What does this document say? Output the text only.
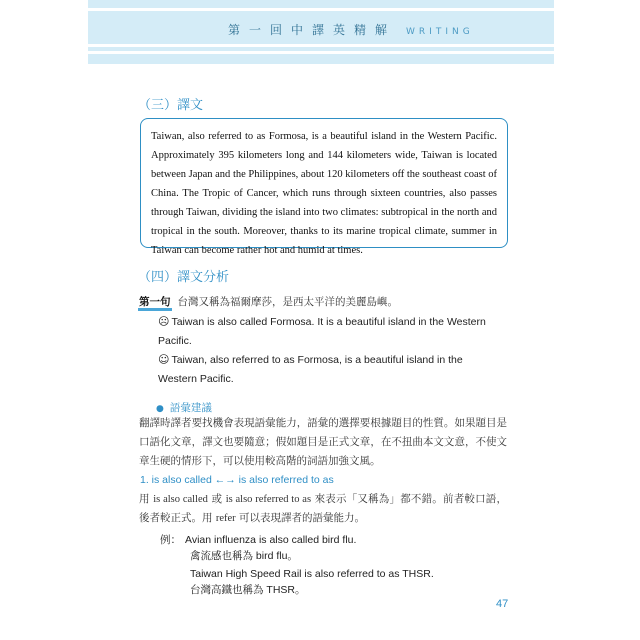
第一回中譯英精解 WRITING
（三）譯文
Taiwan, also referred to as Formosa, is a beautiful island in the Western Pacific. Approximately 395 kilometers long and 144 kilometers wide, Taiwan is located between Japan and the Philippines, about 120 kilometers off the southeast coast of China. The Tropic of Cancer, which runs through sixteen countries, also passes through Taiwan, dividing the island into two climates: subtropical in the north and tropical in the south. Moreover, thanks to its marine tropical climate, summer in Taiwan can become rather hot and humid at times.
（四）譯文分析
第一句 台灣又稱為福爾摩莎，是西太平洋的美麗島嶼。
☹ Taiwan is also called Formosa. It is a beautiful island in the Western Pacific.
☺ Taiwan, also referred to as Formosa, is a beautiful island in the Western Pacific.
● 語彙建議
翻譯時譯者要找機會表現語彙能力，語彙的選擇要根據題目的性質。如果題目是口語化文章，譯文也要隨意；假如題目是正式文章，在不扭曲本文文意，不使文章生硬的情形下，可以使用較高階的詞語加強文風。
1. is also called ←→ is also referred to as
用 is also called 或 is also referred to as 來表示「又稱為」都不錯。前者較口語，後者較正式。用 refer 可以表現譯者的語彙能力。
例： Avian influenza is also called bird flu.
禽流感也稱為 bird flu。
Taiwan High Speed Rail is also referred to as THSR.
台灣高鐵也稱為 THSR。
47
